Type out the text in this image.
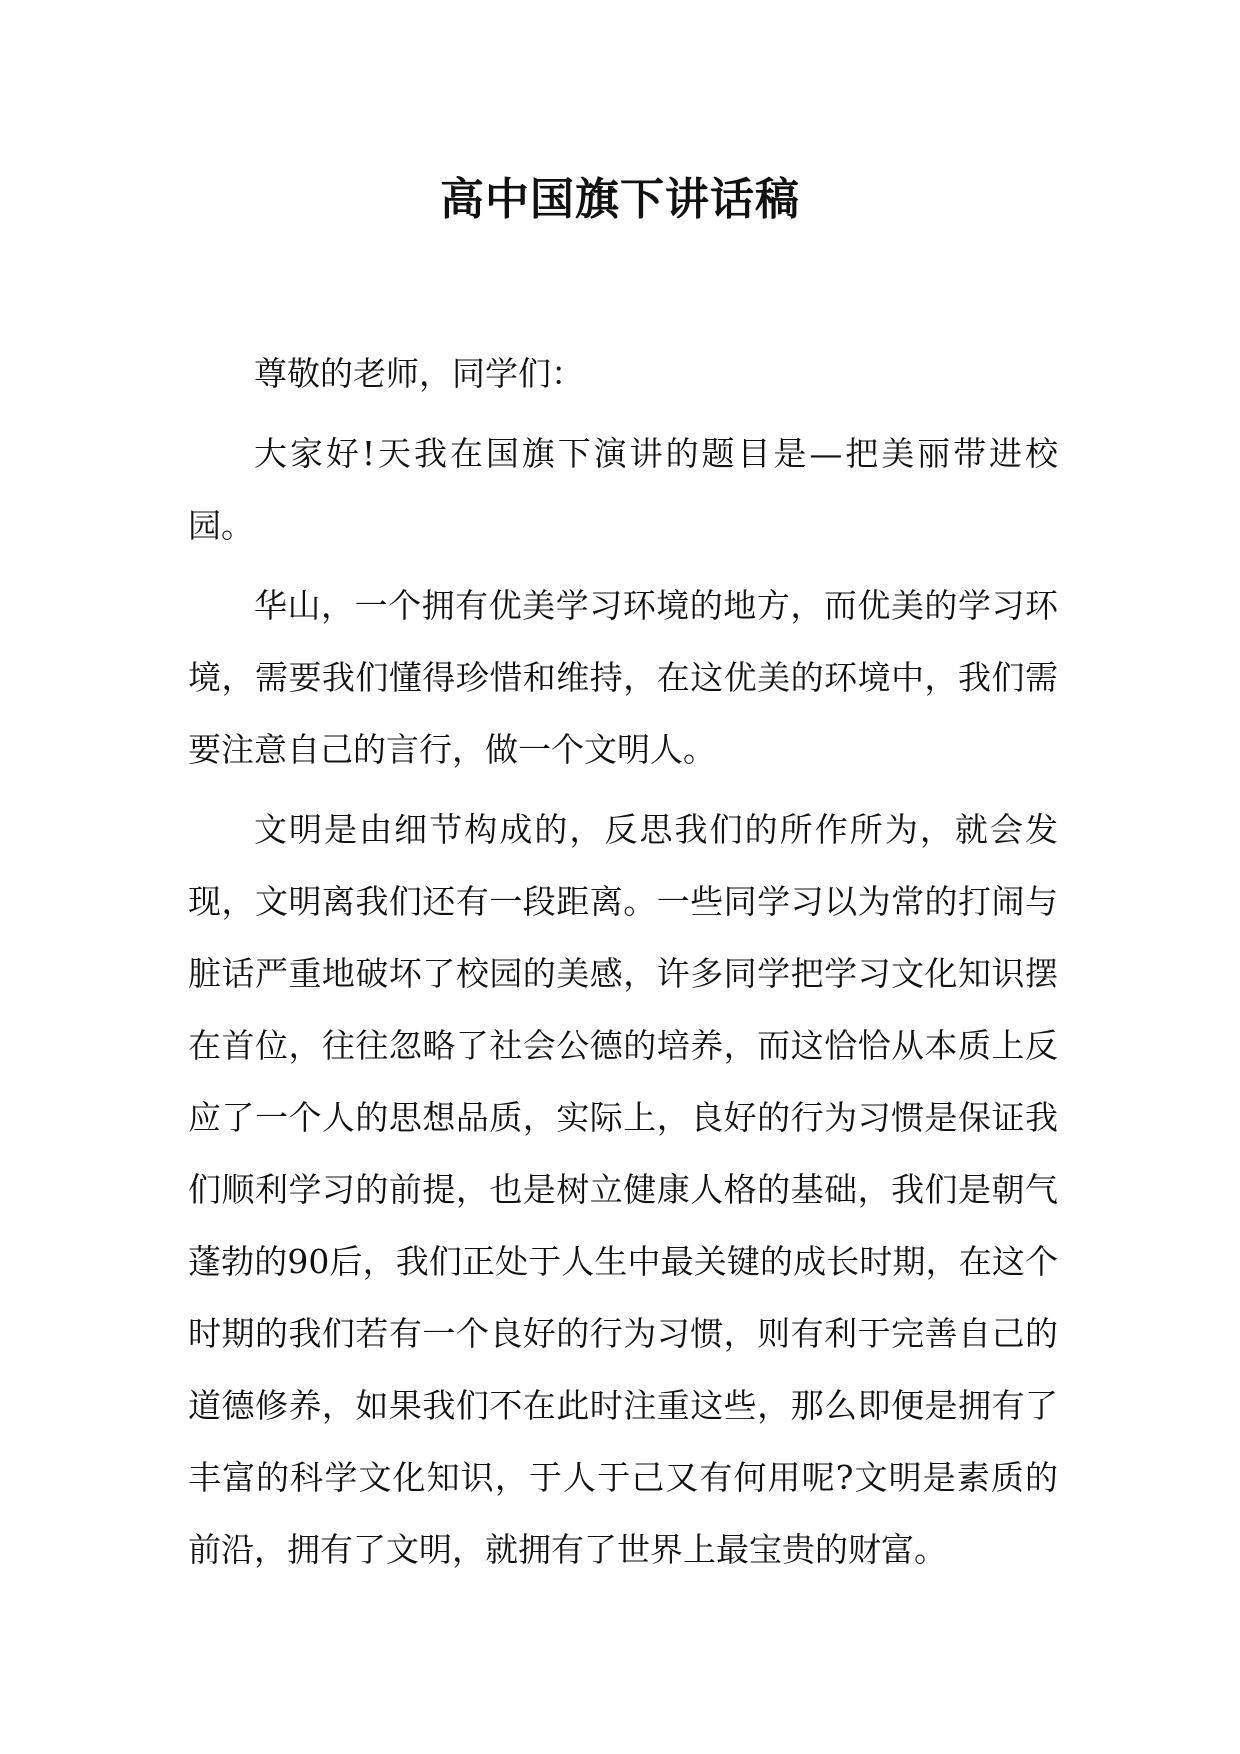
高中国旗下讲话稿

尊敬的老师，同学们：

大家好!天我在国旗下演讲的题目是—把美丽带进校园。

华山，一个拥有优美学习环境的地方，而优美的学习环境，需要我们懂得珍惜和维持，在这优美的环境中，我们需要注意自己的言行，做一个文明人。

文明是由细节构成的，反思我们的所作所为，就会发现，文明离我们还有一段距离。一些同学习以为常的打闹与脏话严重地破坏了校园的美感，许多同学把学习文化知识摆在首位，往往忽略了社会公德的培养，而这恰恰从本质上反应了一个人的思想品质，实际上，良好的行为习惯是保证我们顺利学习的前提，也是树立健康人格的基础，我们是朝气蓬勃的90后，我们正处于人生中最关键的成长时期，在这个时期的我们若有一个良好的行为习惯，则有利于完善自己的道德修养，如果我们不在此时注重这些，那么即便是拥有了丰富的科学文化知识，于人于己又有何用呢?文明是素质的前沿，拥有了文明，就拥有了世界上最宝贵的财富。
